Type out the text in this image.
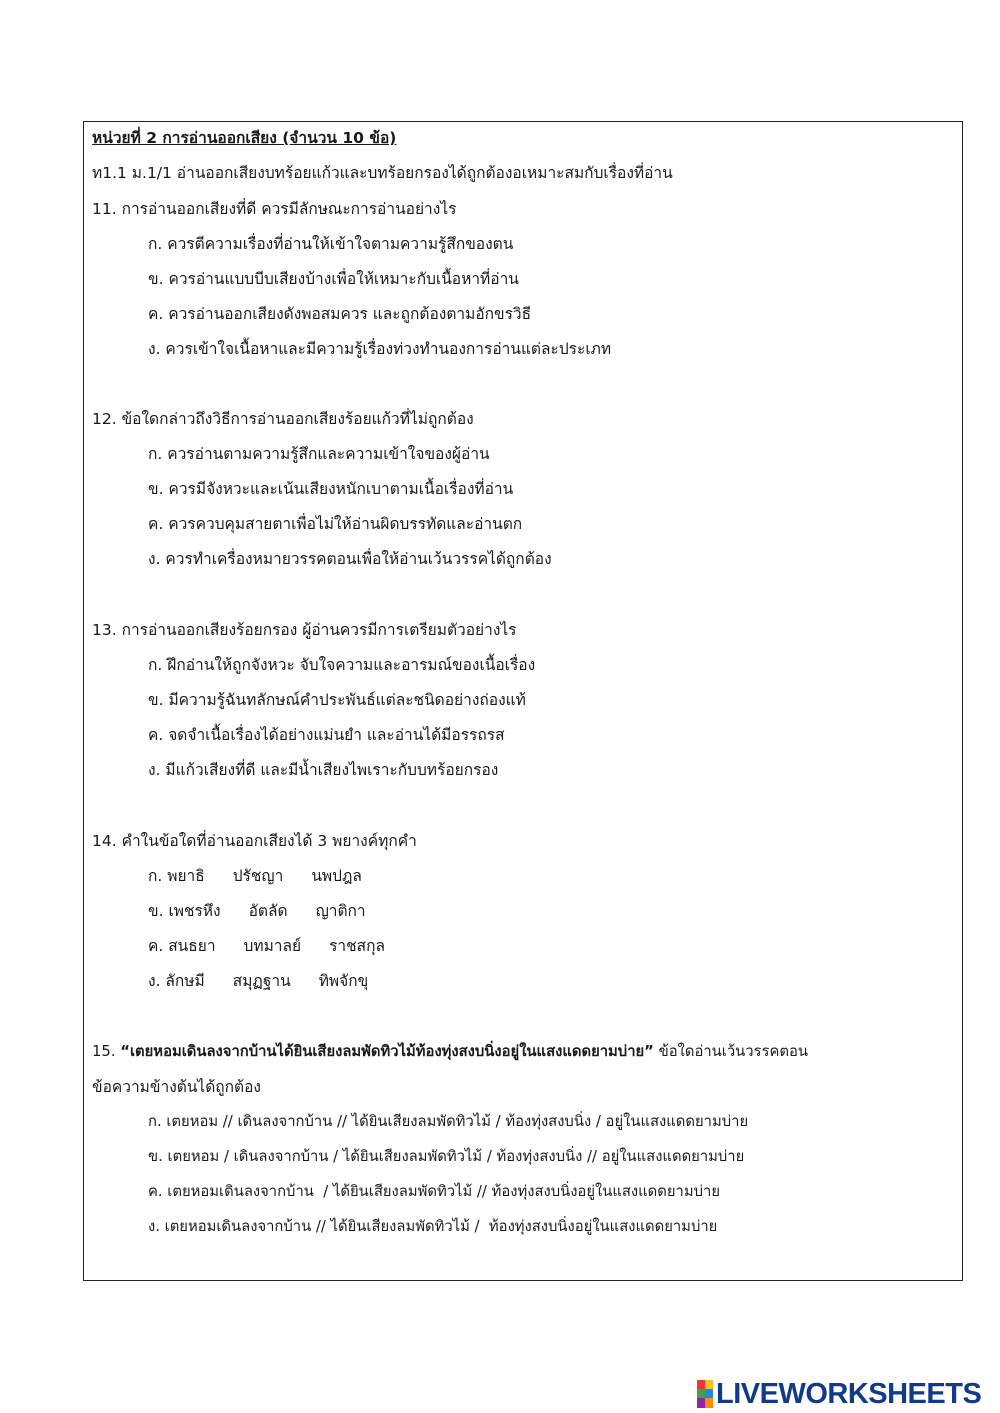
หน่วยที่ 2 การอ่านออกเสียง (จำนวน 10 ข้อ)
ท1.1 ม.1/1 อ่านออกเสียงบทร้อยแก้วและบทร้อยกรองได้ถูกต้องอเหมาะสมกับเรื่องที่อ่าน
11. การอ่านออกเสียงที่ดี ควรมีลักษณะการอ่านอย่างไร
ก. ควรตีความเรื่องที่อ่านให้เข้าใจตามความรู้สึกของตน
ข. ควรอ่านแบบบีบเสียงบ้างเพื่อให้เหมาะกับเนื้อหาที่อ่าน
ค. ควรอ่านออกเสียงดังพอสมควร และถูกต้องตามอักขรวิธี
ง. ควรเข้าใจเนื้อหาและมีความรู้เรื่องท่วงทำนองการอ่านแต่ละประเภท
12. ข้อใดกล่าวถึงวิธีการอ่านออกเสียงร้อยแก้วที่ไม่ถูกต้อง
ก. ควรอ่านตามความรู้สึกและความเข้าใจของผู้อ่าน
ข. ควรมีจังหวะและเน้นเสียงหนักเบาตามเนื้อเรื่องที่อ่าน
ค. ควรควบคุมสายตาเพื่อไม่ให้อ่านผิดบรรทัดและอ่านตก
ง. ควรทำเครื่องหมายวรรคตอนเพื่อให้อ่านเว้นวรรคได้ถูกต้อง
13. การอ่านออกเสียงร้อยกรอง ผู้อ่านควรมีการเตรียมตัวอย่างไร
ก. ฝึกอ่านให้ถูกจังหวะ จับใจความและอารมณ์ของเนื้อเรื่อง
ข. มีความรู้ฉันทลักษณ์คำประพันธ์แต่ละชนิดอย่างถ่องแท้
ค. จดจำเนื้อเรื่องได้อย่างแม่นยำ และอ่านได้มีอรรถรส
ง. มีแก้วเสียงที่ดี และมีน้ำเสียงไพเราะกับบทร้อยกรอง
14. คำในข้อใดที่อ่านออกเสียงได้ 3 พยางค์ทุกคำ
ก. พยาธิ ปรัชญา นพปฎล
ข. เพชรหึง อัตลัด ญาติกา
ค. สนธยา บทมาลย์ ราชสกุล
ง. ลักษมี สมุฏฐาน ทิพจักขุ
15. “เตยหอมเดินลงจากบ้านได้ยินเสียงลมพัดทิวไม้ท้องทุ่งสงบนิ่งอยู่ในแสงแดดยามบ่าย” ข้อใดอ่านเว้นวรรคตอน
ข้อความข้างต้นได้ถูกต้อง
ก. เตยหอม // เดินลงจากบ้าน // ได้ยินเสียงลมพัดทิวไม้ / ท้องทุ่งสงบนิ่ง / อยู่ในแสงแดดยามบ่าย
ข. เตยหอม / เดินลงจากบ้าน / ได้ยินเสียงลมพัดทิวไม้ / ท้องทุ่งสงบนิ่ง // อยู่ในแสงแดดยามบ่าย
ค. เตยหอมเดินลงจากบ้าน  / ได้ยินเสียงลมพัดทิวไม้ // ท้องทุ่งสงบนิ่งอยู่ในแสงแดดยามบ่าย
ง. เตยหอมเดินลงจากบ้าน // ได้ยินเสียงลมพัดทิวไม้ /  ท้องทุ่งสงบนิ่งอยู่ในแสงแดดยามบ่าย
LIVEWORKSHEETS
